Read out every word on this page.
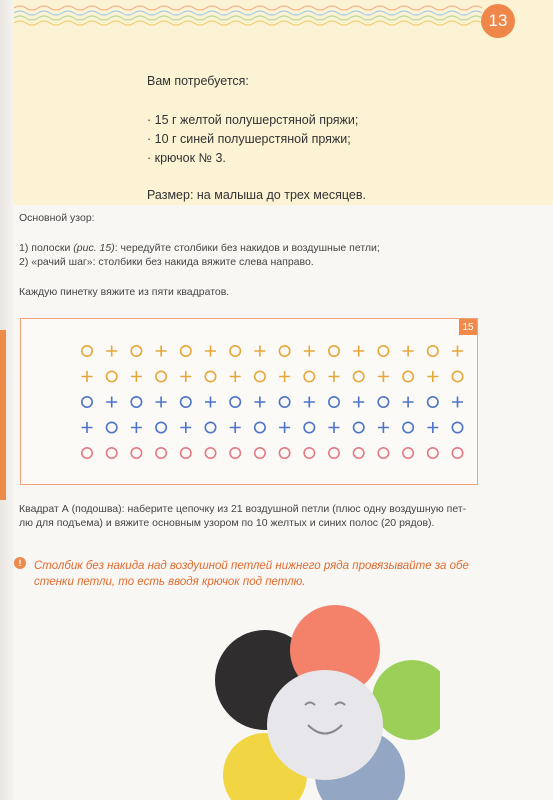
13
Вам потребуется:
· 15 г желтой полушерстяной пряжи;
· 10 г синей полушерстяной пряжи;
· крючок № 3.
Размер: на малыша до трех месяцев.
Основной узор:
1) полоски (рис. 15): чередуйте столбики без накидов и воздушные петли;
2) «рачий шаг»: столбики без накида вяжите слева направо.
Каждую пинетку вяжите из пяти квадратов.
15
Квадрат А (подошва): наберите цепочку из 21 воздушной петли (плюс одну воздушную пет-
лю для подъема) и вяжите основным узором по 10 желтых и синих полос (20 рядов).
!	Столбик без накида над воздушной петлей нижнего ряда провязывайте за обе
стенки петли, то есть вводя крючок под петлю.
